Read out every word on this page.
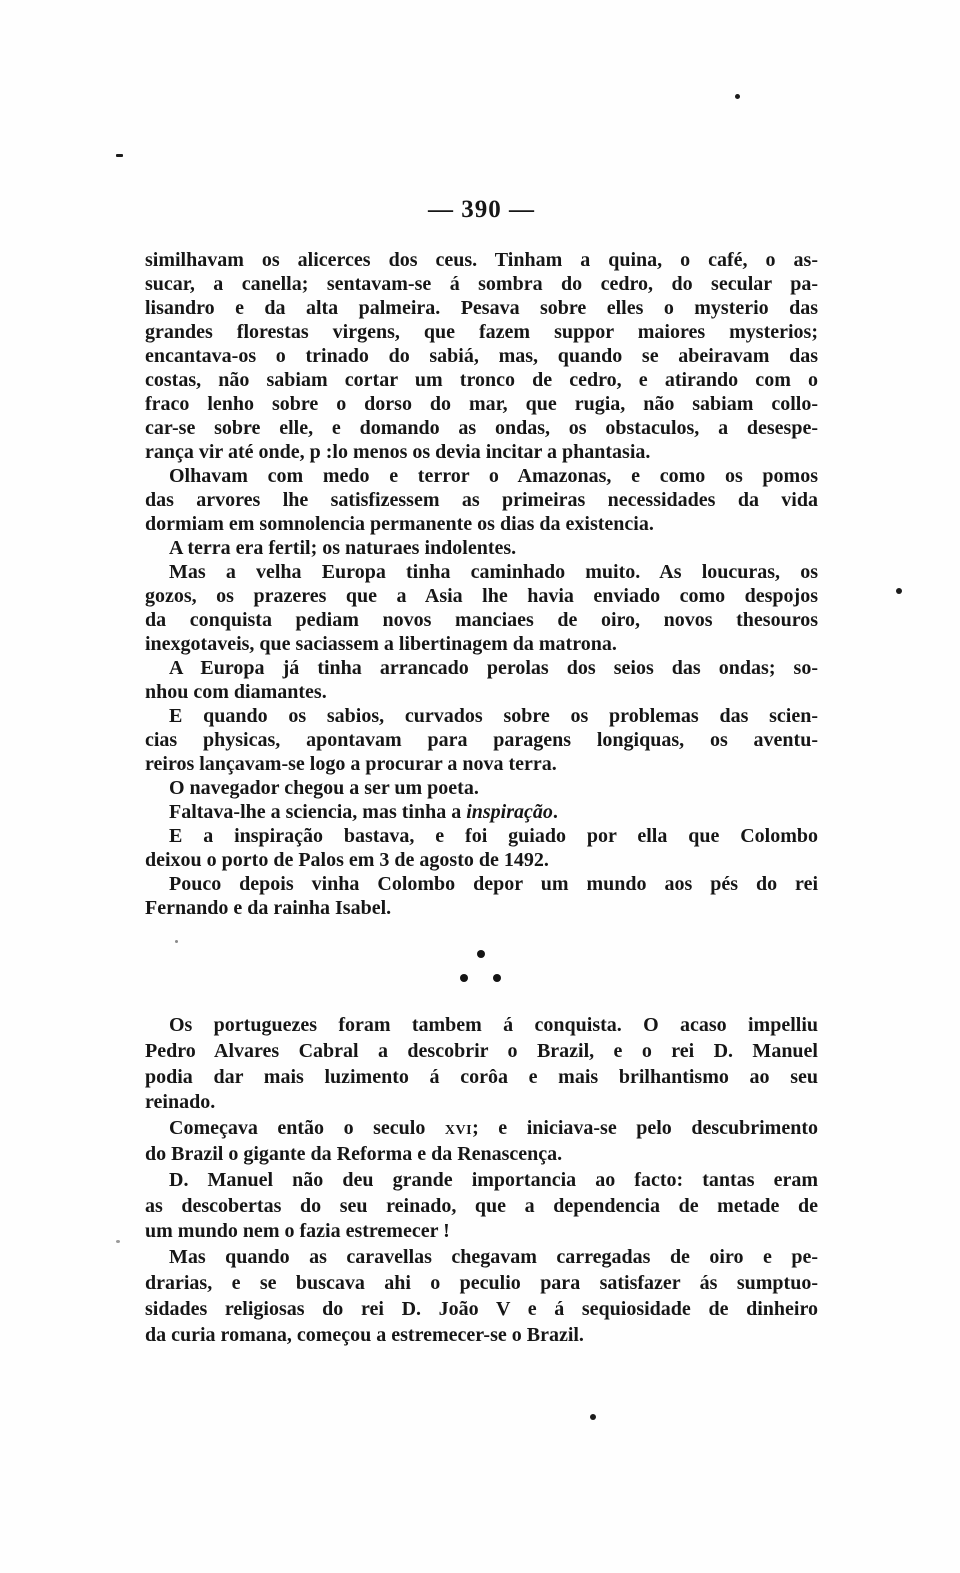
— 390 —
similhavam os alicerces dos ceus. Tinham a quina, o café, o as-
sucar, a canella; sentavam-se á sombra do cedro, do secular pa-
lisandro e da alta palmeira. Pesava sobre elles o mysterio das
grandes florestas virgens, que fazem suppor maiores mysterios;
encantava-os o trinado do sabiá, mas, quando se abeiravam das
costas, não sabiam cortar um tronco de cedro, e atirando com o
fraco lenho sobre o dorso do mar, que rugia, não sabiam collo-
car-se sobre elle, e domando as ondas, os obstaculos, a desespe-
rança vir até onde, p :lo menos os devia incitar a phantasia.
Olhavam com medo e terror o Amazonas, e como os pomos
das arvores lhe satisfizessem as primeiras necessidades da vida
dormiam em somnolencia permanente os dias da existencia.
A terra era fertil; os naturaes indolentes.
Mas a velha Europa tinha caminhado muito. As loucuras, os
gozos, os prazeres que a Asia lhe havia enviado como despojos
da conquista pediam novos manciaes de oiro, novos thesouros
inexgotaveis, que saciassem a libertinagem da matrona.
A Europa já tinha arrancado perolas dos seios das ondas; so-
nhou com diamantes.
E quando os sabios, curvados sobre os problemas das scien-
cias physicas, apontavam para paragens longiquas, os aventu-
reiros lançavam-se logo a procurar a nova terra.
O navegador chegou a ser um poeta.
Faltava-lhe a sciencia, mas tinha a inspiração.
E a inspiração bastava, e foi guiado por ella que Colombo
deixou o porto de Palos em 3 de agosto de 1492.
Pouco depois vinha Colombo depor um mundo aos pés do rei
Fernando e da rainha Isabel.
Os portuguezes foram tambem á conquista. O acaso impelliu
Pedro Alvares Cabral a descobrir o Brazil, e o rei D. Manuel
podia dar mais luzimento á corôa e mais brilhantismo ao seu
reinado.
Começava então o seculo xvi; e iniciava-se pelo descubrimento
do Brazil o gigante da Reforma e da Renascença.
D. Manuel não deu grande importancia ao facto: tantas eram
as descobertas do seu reinado, que a dependencia de metade de
um mundo nem o fazia estremecer !
Mas quando as caravellas chegavam carregadas de oiro e pe-
drarias, e se buscava ahi o peculio para satisfazer ás sumptuo-
sidades religiosas do rei D. João V e á sequiosidade de dinheiro
da curia romana, começou a estremecer-se o Brazil.
